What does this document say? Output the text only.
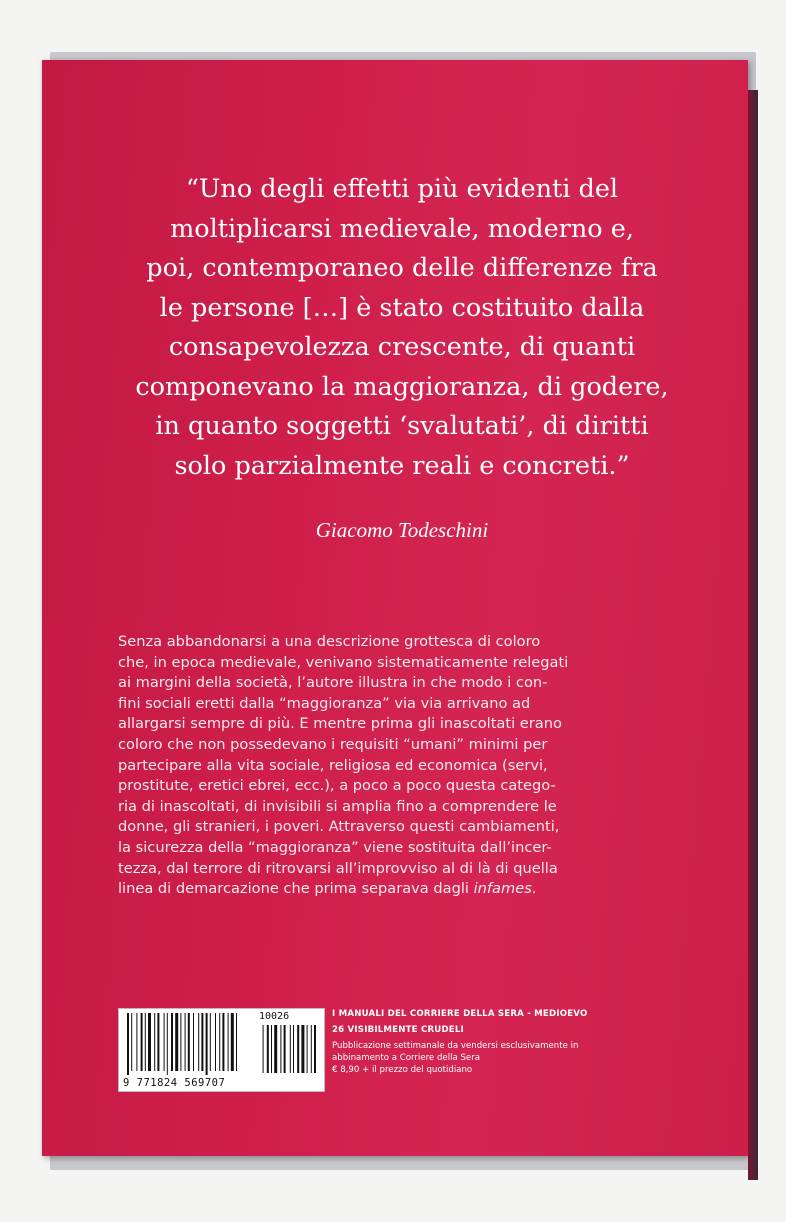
“Uno degli effetti più evidenti del
moltiplicarsi medievale, moderno e,
poi, contemporaneo delle differenze fra
le persone […] è stato costituito dalla
consapevolezza crescente, di quanti
componevano la maggioranza, di godere,
in quanto soggetti ‘svalutati’, di diritti
solo parzialmente reali e concreti.”
Giacomo Todeschini
Senza abbandonarsi a una descrizione grottesca di coloro
che, in epoca medievale, venivano sistematicamente relegati
ai margini della società, l’autore illustra in che modo i con-
fini sociali eretti dalla “maggioranza” via via arrivano ad
allargarsi sempre di più. E mentre prima gli inascoltati erano
coloro che non possedevano i requisiti “umani” minimi per
partecipare alla vita sociale, religiosa ed economica (servi,
prostitute, eretici ebrei, ecc.), a poco a poco questa catego-
ria di inascoltati, di invisibili si amplia fino a comprendere le
donne, gli stranieri, i poveri. Attraverso questi cambiamenti,
la sicurezza della “maggioranza” viene sostituita dall’incer-
tezza, dal terrore di ritrovarsi all’improvviso al di là di quella
linea di demarcazione che prima separava dagli infames.
10026
9 771824 569707
I MANUALI DEL CORRIERE DELLA SERA - MEDIOEVO
26 VISIBILMENTE CRUDELI
Pubblicazione settimanale da vendersi esclusivamente in
abbinamento a Corriere della Sera
€ 8,90 + il prezzo del quotidiano
